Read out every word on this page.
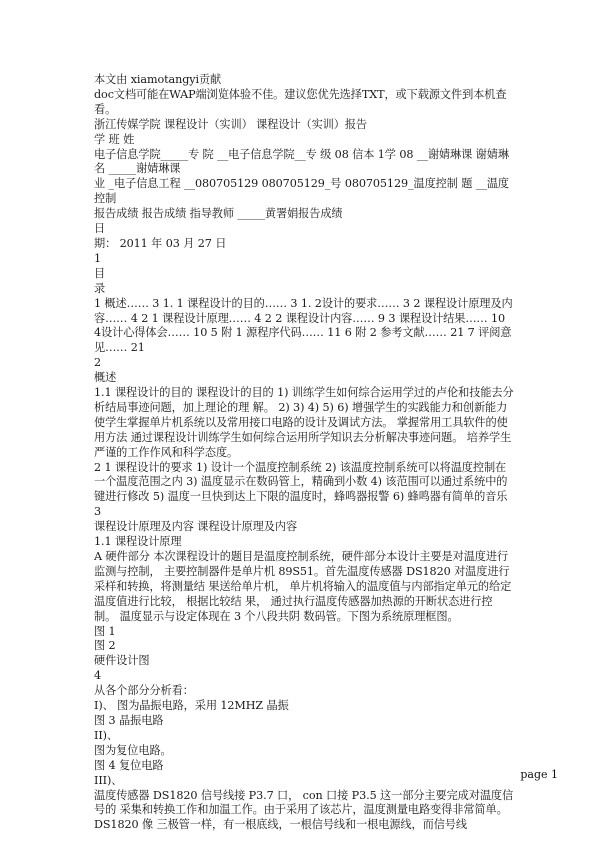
本文由 xiamotangyi贡献

doc文档可能在WAP端浏览体验不佳。建议您优先选择TXT，或下载源文件到本机查看。

浙江传媒学院 课程设计（实训） 课程设计（实训）报告

学 班 姓

电子信息学院_____专 院 __电子信息学院__专 级 08 信本 1学 08 __谢婧琳课 谢婧琳 名 _____谢婧琳课

业 _电子信息工程 __080705129 080705129_号 080705129_温度控制 题 __温度控制

报告成绩 报告成绩 指导教师 _____黄署娟报告成绩

日

期： 2011 年 03 月 27 日

1

目

录

1 概述…… 3 1. 1 课程设计的目的…… 3 1. 2设计的要求…… 3 2 课程设计原理及内容…… 4 2 1 课程设计原理…… 4 2 2 课程设计内容…… 9 3 课程设计结果…… 10 4设计心得体会…… 10 5 附 1 源程序代码…… 11 6 附 2 参考文献…… 21 7 评阅意见…… 21

2

概述

1.1 课程设计的目的 课程设计的目的 1) 训练学生如何综合运用学过的卢伦和技能去分析结局事迹问题，加上理论的理 解。 2) 3) 4) 5) 6) 增强学生的实践能力和创新能力 使学生掌握单片机系统以及常用接口电路的设计及调试方法。 掌握常用工具软件的使用方法 通过课程设计训练学生如何综合运用所学知识去分析解决事迹问题。 培养学生严谨的工作作风和科学态度。

2 1 课程设计的要求 1) 设计一个温度控制系统 2) 该温度控制系统可以将温度控制在一个温度范围之内 3) 温度显示在数码管上，精确到小数 4) 该范围可以通过系统中的键进行修改 5) 温度一旦快到达上下限的温度时，蜂鸣器报警 6) 蜂鸣器有简单的音乐

3

课程设计原理及内容 课程设计原理及内容

1.1 课程设计原理

A 硬件部分 本次课程设计的题目是温度控制系统，硬件部分本设计主要是对温度进行监测与控制， 主要控制器件是单片机 89S51。首先温度传感器 DS1820 对温度进行采样和转换，将测量结 果送给单片机， 单片机将输入的温度值与内部指定单元的给定温度值进行比较， 根据比较结 果， 通过执行温度传感器加热源的开断状态进行控制。 温度显示与设定体现在 3 个八段共阴 数码管。下图为系统原理框图。

图 1

图 2

硬件设计图

4

从各个部分分析看：

I)、 图为晶振电路，采用 12MHZ 晶振

图 3 晶振电路

II)、

图为复位电路。

图 4 复位电路

III)、

温度传感器 DS1820 信号线接 P3.7 口， con 口接 P3.5 这一部分主要完成对温度信号的 采集和转换工作和加温工作。由于采用了该芯片，温度测量电路变得非常简单。DS1820 像 三极管一样，有一根底线，一根信号线和一根电源线，而信号线

page 1
